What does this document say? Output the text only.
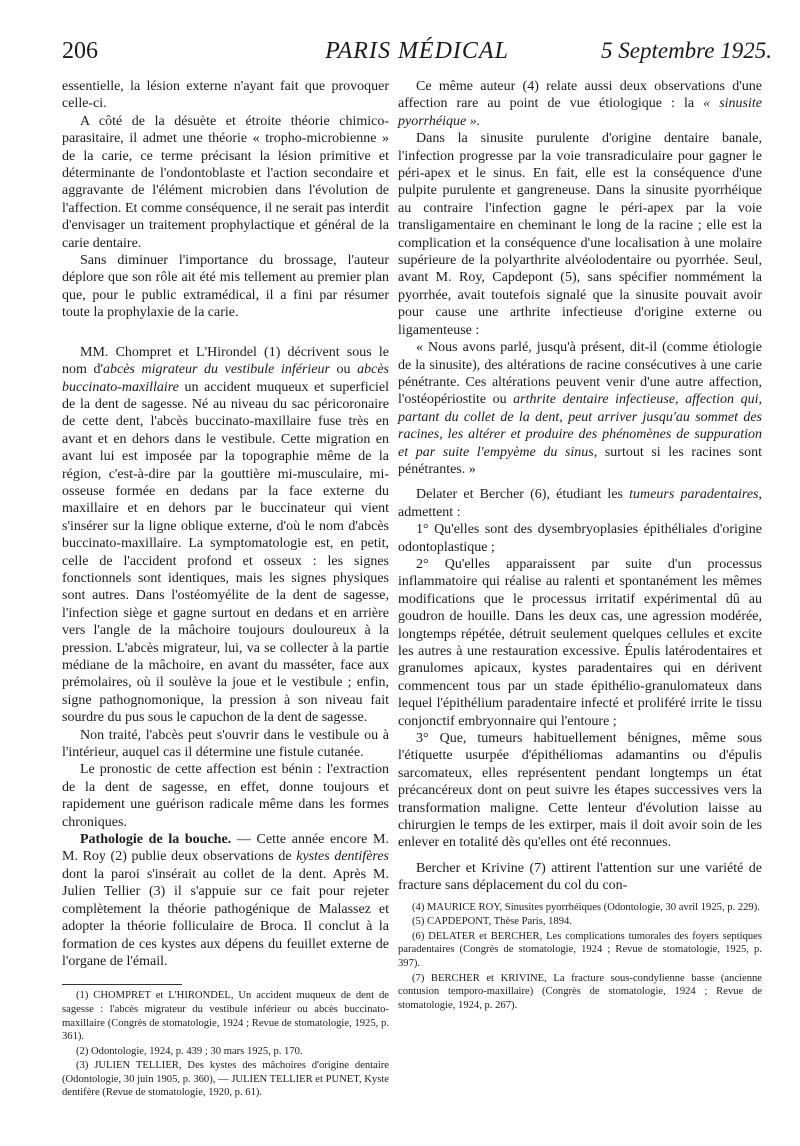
206	PARIS MÉDICAL	5 Septembre 1925.

essentielle, la lésion externe n'ayant fait que provoquer celle-ci.

A côté de la désuète et étroite théorie chimico-parasitaire, il admet une théorie « tropho-microbienne » de la carie, ce terme précisant la lésion primitive et déterminante de l'ondontoblaste et l'action secondaire et aggravante de l'élément microbien dans l'évolution de l'affection. Et comme conséquence, il ne serait pas interdit d'envisager un traitement prophylactique et général de la carie dentaire.

Sans diminuer l'importance du brossage, l'auteur déplore que son rôle ait été mis tellement au premier plan que, pour le public extramédical, il a fini par résumer toute la prophylaxie de la carie.

MM. Chompret et L'Hirondel (1) décrivent sous le nom d'abcès migrateur du vestibule inférieur ou abcès buccinato-maxillaire un accident muqueux et superficiel de la dent de sagesse. Né au niveau du sac péricoronaire de cette dent, l'abcès buccinato-maxillaire fuse très en avant et en dehors dans le vestibule. Cette migration en avant lui est imposée par la topographie même de la région, c'est-à-dire par la gouttière mi-musculaire, mi-osseuse formée en dedans par la face externe du maxillaire et en dehors par le buccinateur qui vient s'insérer sur la ligne oblique externe, d'où le nom d'abcès buccinato-maxillaire. La symptomatologie est, en petit, celle de l'accident profond et osseux : les signes fonctionnels sont identiques, mais les signes physiques sont autres. Dans l'ostéomyélite de la dent de sagesse, l'infection siège et gagne surtout en dedans et en arrière vers l'angle de la mâchoire toujours douloureux à la pression. L'abcès migrateur, lui, va se collecter à la partie médiane de la mâchoire, en avant du masséter, face aux prémolaires, où il soulève la joue et le vestibule ; enfin, signe pathognomonique, la pression à son niveau fait sourdre du pus sous le capuchon de la dent de sagesse.

Non traité, l'abcès peut s'ouvrir dans le vestibule ou à l'intérieur, auquel cas il détermine une fistule cutanée.

Le pronostic de cette affection est bénin : l'extraction de la dent de sagesse, en effet, donne toujours et rapidement une guérison radicale même dans les formes chroniques.

Pathologie de la bouche. — Cette année encore M. M. Roy (2) publie deux observations de kystes dentifères dont la paroi s'insérait au collet de la dent. Après M. Julien Tellier (3) il s'appuie sur ce fait pour rejeter complètement la théorie pathogénique de Malassez et adopter la théorie folliculaire de Broca. Il conclut à la formation de ces kystes aux dépens du feuillet externe de l'organe de l'émail.

(1) CHOMPRET et L'HIRONDEL, Un accident muqueux de dent de sagesse : l'abcès migrateur du vestibule inférieur ou abcès buccinato-maxillaire (Congrès de stomatologie, 1924 ; Revue de stomatologie, 1925, p. 361).

(2) Odontologie, 1924, p. 439 ; 30 mars 1925, p. 170.

(3) JULIEN TELLIER, Des kystes des mâchoires d'origine dentaire (Odontologie, 30 juin 1905, p. 360), — JULIEN TELLIER et PUNET, Kyste dentifère (Revue de stomatologie, 1920, p. 61).

Ce même auteur (4) relate aussi deux observations d'une affection rare au point de vue étiologique : la « sinusite pyorrhéique ».

Dans la sinusite purulente d'origine dentaire banale, l'infection progresse par la voie transradiculaire pour gagner le péri-apex et le sinus. En fait, elle est la conséquence d'une pulpite purulente et gangreneuse. Dans la sinusite pyorrhéique au contraire l'infection gagne le péri-apex par la voie transligamentaire en cheminant le long de la racine ; elle est la complication et la conséquence d'une localisation à une molaire supérieure de la polyarthrite alvéolodentaire ou pyorrhée. Seul, avant M. Roy, Capdepont (5), sans spécifier nommément la pyorrhée, avait toutefois signalé que la sinusite pouvait avoir pour cause une arthrite infectieuse d'origine externe ou ligamenteuse :

« Nous avons parlé, jusqu'à présent, dit-il (comme étiologie de la sinusite), des altérations de racine consécutives à une carie pénétrante. Ces altérations peuvent venir d'une autre affection, l'ostéopériostite ou arthrite dentaire infectieuse, affection qui, partant du collet de la dent, peut arriver jusqu'au sommet des racines, les altérer et produire des phénomènes de suppuration et par suite l'empyème du sinus, surtout si les racines sont pénétrantes. »

Delater et Bercher (6), étudiant les tumeurs paradentaires, admettent :

1° Qu'elles sont des dysembryoplasies épithéliales d'origine odontoplastique ;

2° Qu'elles apparaissent par suite d'un processus inflammatoire qui réalise au ralenti et spontanément les mêmes modifications que le processus irritatif expérimental dû au goudron de houille. Dans les deux cas, une agression modérée, longtemps répétée, détruit seulement quelques cellules et excite les autres à une restauration excessive. Épulis latérodentaires et granulomes apicaux, kystes paradentaires qui en dérivent commencent tous par un stade épithélio-granulomateux dans lequel l'épithélium paradentaire infecté et proliféré irrite le tissu conjonctif embryonnaire qui l'entoure ;

3° Que, tumeurs habituellement bénignes, même sous l'étiquette usurpée d'épithéliomas adamantins ou d'épulis sarcomateux, elles représentent pendant longtemps un état précancéreux dont on peut suivre les étapes successives vers la transformation maligne. Cette lenteur d'évolution laisse au chirurgien le temps de les extirper, mais il doit avoir soin de les enlever en totalité dès qu'elles ont été reconnues.

Bercher et Krivine (7) attirent l'attention sur une variété de fracture sans déplacement du col du con-

(4) MAURICE ROY, Sinusites pyorrhéiques (Odontologie, 30 avril 1925, p. 229).

(5) CAPDEPONT, Thèse Paris, 1894.

(6) DELATER et BERCHER, Les complications tumorales des foyers septiques paradentaires (Congrès de stomatologie, 1924 ; Revue de stomatologie, 1925, p. 397).

(7) BERCHER et KRIVINE, La fracture sous-condylienne basse (ancienne contusion temporo-maxillaire) (Congrès de stomatologie, 1924 ; Revue de stomatologie, 1924, p. 267).
